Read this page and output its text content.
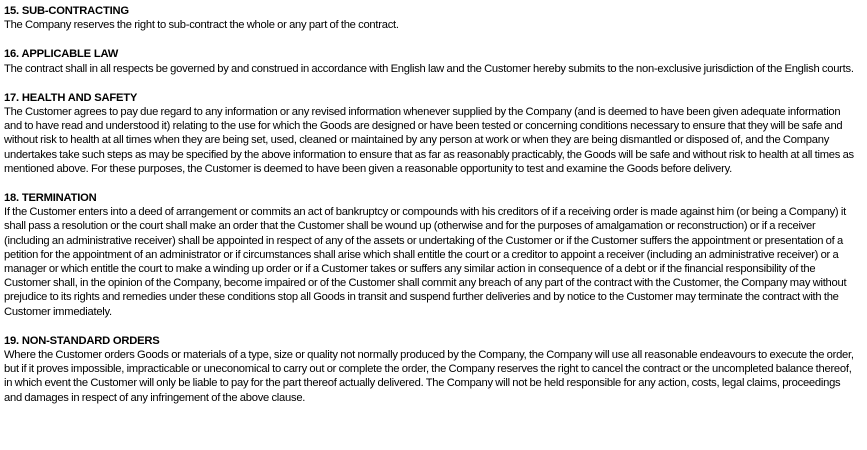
15. SUB-CONTRACTING

The Company reserves the right to sub-contract the whole or any part of the contract.

16. APPLICABLE LAW

The contract shall in all respects be governed by and construed in accordance with English law and the Customer hereby submits to the non-exclusive jurisdiction of the English courts.

17. HEALTH AND SAFETY

The Customer agrees to pay due regard to any information or any revised information whenever supplied by the Company (and is deemed to have been given adequate information and to have read and understood it) relating to the use for which the Goods are designed or have been tested or concerning conditions necessary to ensure that they will be safe and without risk to health at all times when they are being set, used, cleaned or maintained by any person at work or when they are being dismantled or disposed of, and the Company undertakes take such steps as may be specified by the above information to ensure that as far as reasonably practicably, the Goods will be safe and without risk to health at all times as mentioned above. For these purposes, the Customer is deemed to have been given a reasonable opportunity to test and examine the Goods before delivery.

18. TERMINATION

If the Customer enters into a deed of arrangement or commits an act of bankruptcy or compounds with his creditors of if a receiving order is made against him (or being a Company) it shall pass a resolution or the court shall make an order that the Customer shall be wound up (otherwise and for the purposes of amalgamation or reconstruction) or if a receiver (including an administrative receiver) shall be appointed in respect of any of the assets or undertaking of the Customer or if the Customer suffers the appointment or presentation of a petition for the appointment of an administrator or if circumstances shall arise which shall entitle the court or a creditor to appoint a receiver (including an administrative receiver) or a manager or which entitle the court to make a winding up order or if a Customer takes or suffers any similar action in consequence of a debt or if the financial responsibility of the Customer shall, in the opinion of the Company, become impaired or of the Customer shall commit any breach of any part of the contract with the Customer, the Company may without prejudice to its rights and remedies under these conditions stop all Goods in transit and suspend further deliveries and by notice to the Customer may terminate the contract with the Customer immediately.

19. NON-STANDARD ORDERS

Where the Customer orders Goods or materials of a type, size or quality not normally produced by the Company, the Company will use all reasonable endeavours to execute the order, but if it proves impossible, impracticable or uneconomical to carry out or complete the order, the Company reserves the right to cancel the contract or the uncompleted balance thereof, in which event the Customer will only be liable to pay for the part thereof actually delivered. The Company will not be held responsible for any action, costs, legal claims, proceedings and damages in respect of any infringement of the above clause.
